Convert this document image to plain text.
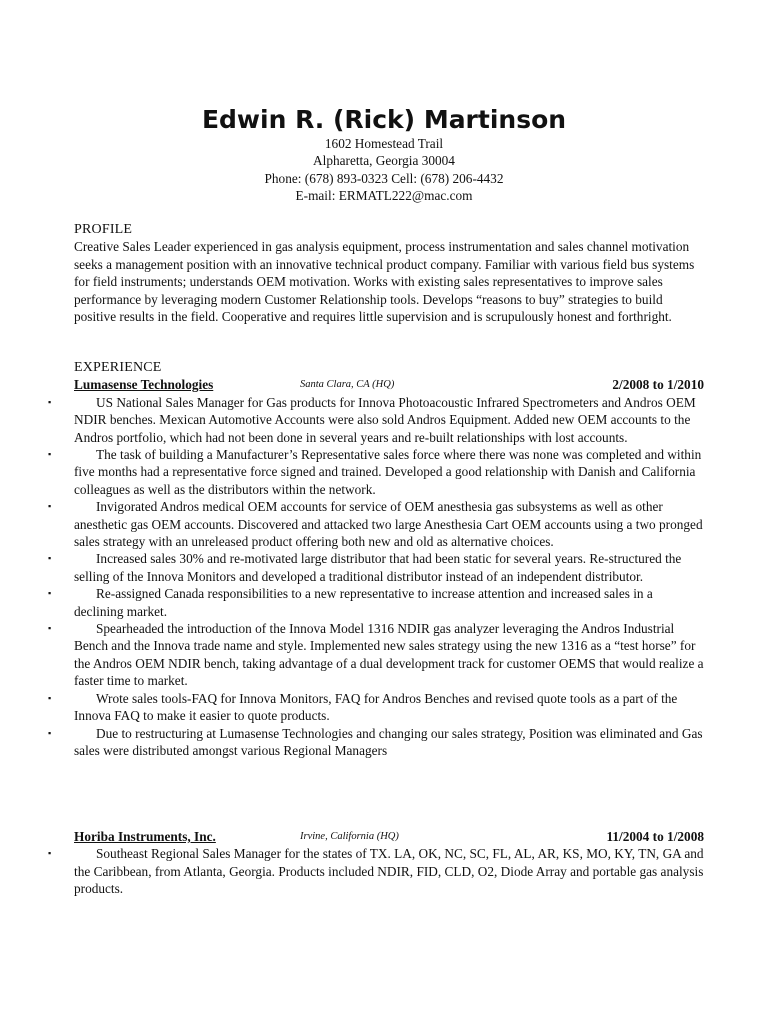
Edwin R. (Rick) Martinson
1602 Homestead Trail
Alpharetta, Georgia 30004
Phone: (678) 893-0323 Cell: (678) 206-4432
E-mail: ERMATL222@mac.com
PROFILE

Creative Sales Leader experienced in gas analysis equipment, process instrumentation and sales channel motivation seeks a management position with an innovative technical product company. Familiar with various field bus systems for field instruments; understands OEM motivation. Works with existing sales representatives to improve sales performance by leveraging modern Customer Relationship tools. Develops “reasons to buy” strategies to build positive results in the field. Cooperative and requires little supervision and is scrupulously honest and forthright.

EXPERIENCE
Lumasense Technologies	Santa Clara, CA (HQ)	2/2008 to 1/2010
▪	US National Sales Manager for Gas products for Innova Photoacoustic Infrared Spectrometers and Andros OEM NDIR benches. Mexican Automotive Accounts were also sold Andros Equipment. Added new OEM accounts to the Andros portfolio, which had not been done in several years and re-built relationships with lost accounts.
▪	The task of building a Manufacturer’s Representative sales force where there was none was completed and within five months had a representative force signed and trained. Developed a good relationship with Danish and California colleagues as well as the distributors within the network.
▪	Invigorated Andros medical OEM accounts for service of OEM anesthesia gas subsystems as well as other anesthetic gas OEM accounts. Discovered and attacked two large Anesthesia Cart OEM accounts using a two pronged sales strategy with an unreleased product offering both new and old as alternative choices.
▪	Increased sales 30% and re-motivated large distributor that had been static for several years. Re-structured the selling of the Innova Monitors and developed a traditional distributor instead of an independent distributor.
▪	Re-assigned Canada responsibilities to a new representative to increase attention and increased sales in a declining market.
▪	Spearheaded the introduction of the Innova Model 1316 NDIR gas analyzer leveraging the Andros Industrial Bench and the Innova trade name and style. Implemented new sales strategy using the new 1316 as a “test horse” for the Andros OEM NDIR bench, taking advantage of a dual development track for customer OEMS that would realize a faster time to market.
▪	Wrote sales tools-FAQ for Innova Monitors, FAQ for Andros Benches and revised quote tools as a part of the Innova FAQ to make it easier to quote products.
▪	Due to restructuring at Lumasense Technologies and changing our sales strategy, Position was eliminated and Gas sales were distributed amongst various Regional Managers
Horiba Instruments, Inc.	Irvine, California (HQ)	11/2004 to 1/2008
▪	Southeast Regional Sales Manager for the states of TX. LA, OK, NC, SC, FL, AL, AR, KS, MO, KY, TN, GA and the Caribbean, from Atlanta, Georgia. Products included NDIR, FID, CLD, O2, Diode Array and portable gas analysis products.
